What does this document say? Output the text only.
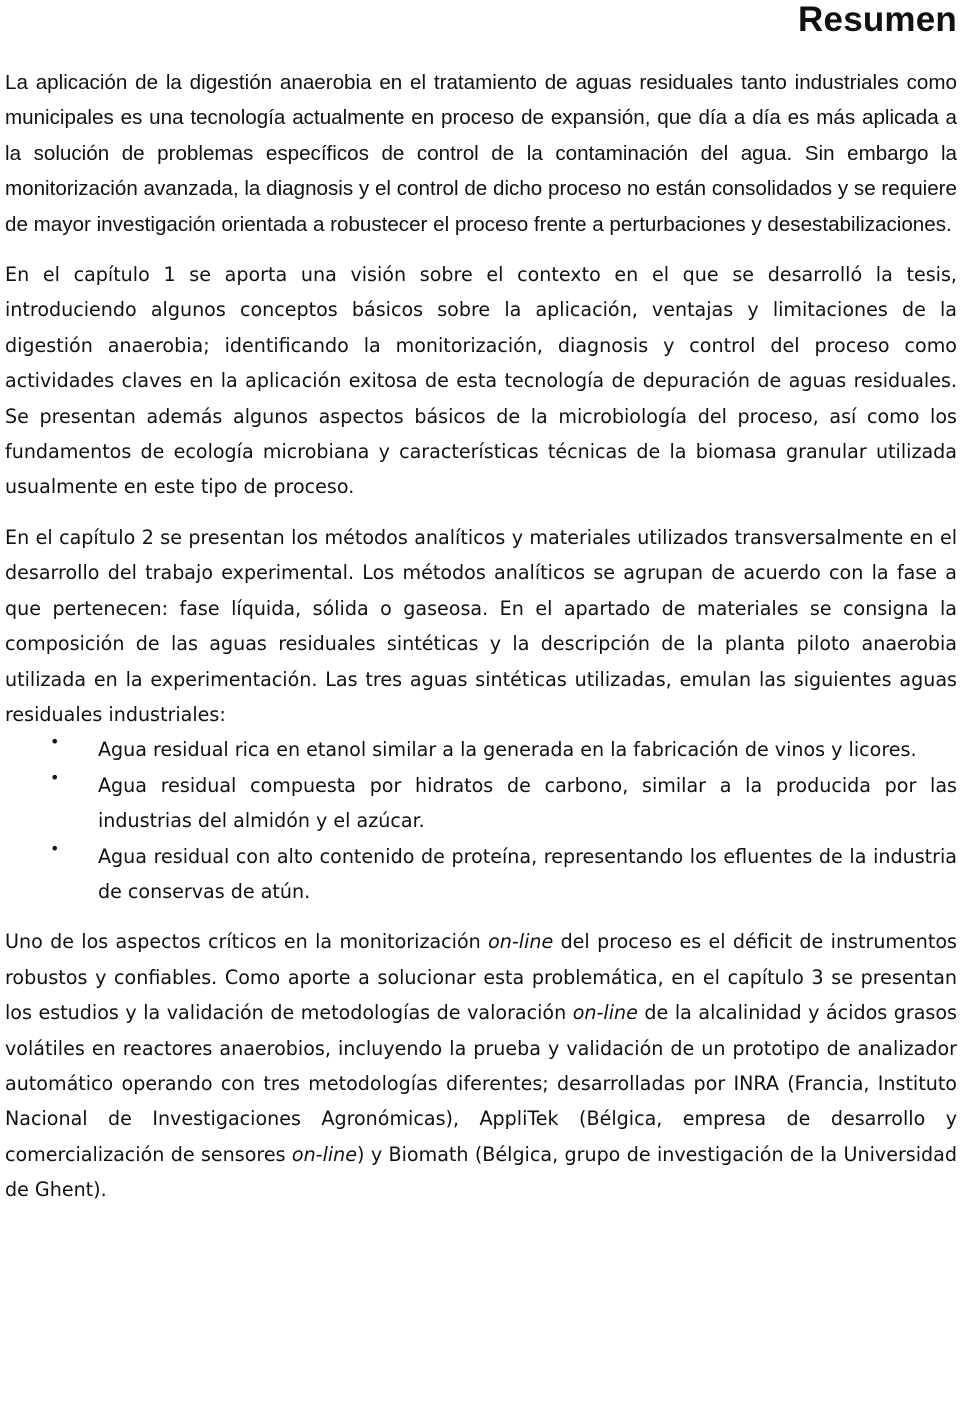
Resumen

La aplicación de la digestión anaerobia en el tratamiento de aguas residuales tanto industriales como municipales es una tecnología actualmente en proceso de expansión, que día a día es más aplicada a la solución de problemas específicos de control de la contaminación del agua. Sin embargo la monitorización avanzada, la diagnosis y el control de dicho proceso no están consolidados y se requiere de mayor investigación orientada a robustecer el proceso frente a perturbaciones y desestabilizaciones.

En el capítulo 1 se aporta una visión sobre el contexto en el que se desarrolló la tesis, introduciendo algunos conceptos básicos sobre la aplicación, ventajas y limitaciones de la digestión anaerobia; identificando la monitorización, diagnosis y control del proceso como actividades claves en la aplicación exitosa de esta tecnología de depuración de aguas residuales. Se presentan además algunos aspectos básicos de la microbiología del proceso, así como los fundamentos de ecología microbiana y características técnicas de la biomasa granular utilizada usualmente en este tipo de proceso.

En el capítulo 2 se presentan los métodos analíticos y materiales utilizados transversalmente en el desarrollo del trabajo experimental. Los métodos analíticos se agrupan de acuerdo con la fase a que pertenecen: fase líquida, sólida o gaseosa. En el apartado de materiales se consigna la composición de las aguas residuales sintéticas y la descripción de la planta piloto anaerobia utilizada en la experimentación. Las tres aguas sintéticas utilizadas, emulan las siguientes aguas residuales industriales:

• Agua residual rica en etanol similar a la generada en la fabricación de vinos y licores.
• Agua residual compuesta por hidratos de carbono, similar a la producida por las industrias del almidón y el azúcar.
• Agua residual con alto contenido de proteína, representando los efluentes de la industria de conservas de atún.

Uno de los aspectos críticos en la monitorización on-line del proceso es el déficit de instrumentos robustos y confiables. Como aporte a solucionar esta problemática, en el capítulo 3 se presentan los estudios y la validación de metodologías de valoración on-line de la alcalinidad y ácidos grasos volátiles en reactores anaerobios, incluyendo la prueba y validación de un prototipo de analizador automático operando con tres metodologías diferentes; desarrolladas por INRA (Francia, Instituto Nacional de Investigaciones Agronómicas), AppliTek (Bélgica, empresa de desarrollo y comercialización de sensores on-line) y Biomath (Bélgica, grupo de investigación de la Universidad de Ghent).
